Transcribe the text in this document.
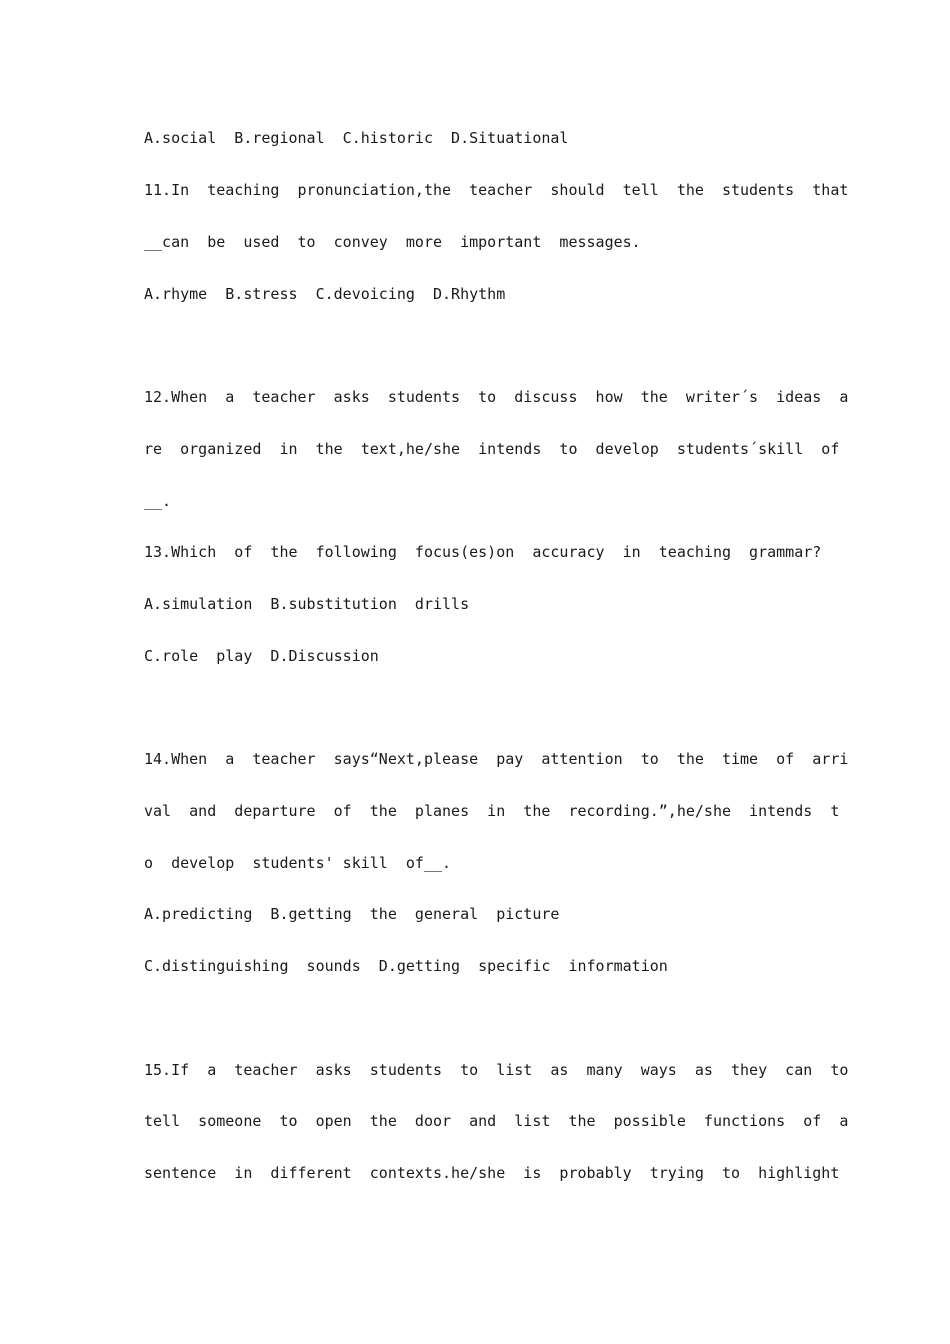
A.social  B.regional  C.historic  D.Situational
11.In  teaching  pronunciation,the  teacher  should  tell  the  students  that
__can  be  used  to  convey  more  important  messages.
A.rhyme  B.stress  C.devoicing  D.Rhythm
12.When  a  teacher  asks  students  to  discuss  how  the  writer´s  ideas  a
re  organized  in  the  text,he/she  intends  to  develop  students´skill  of
__.
13.Which  of  the  following  focus(es)on  accuracy  in  teaching  grammar?
A.simulation  B.substitution  drills
C.role  play  D.Discussion
14.When  a  teacher  says“Next,please  pay  attention  to  the  time  of  arri
val  and  departure  of  the  planes  in  the  recording.”,he/she  intends  t
o  develop  students' skill  of__.
A.predicting  B.getting  the  general  picture
C.distinguishing  sounds  D.getting  specific  information
15.If  a  teacher  asks  students  to  list  as  many  ways  as  they  can  to
tell  someone  to  open  the  door  and  list  the  possible  functions  of  a
sentence  in  different  contexts.he/she  is  probably  trying  to  highlight
